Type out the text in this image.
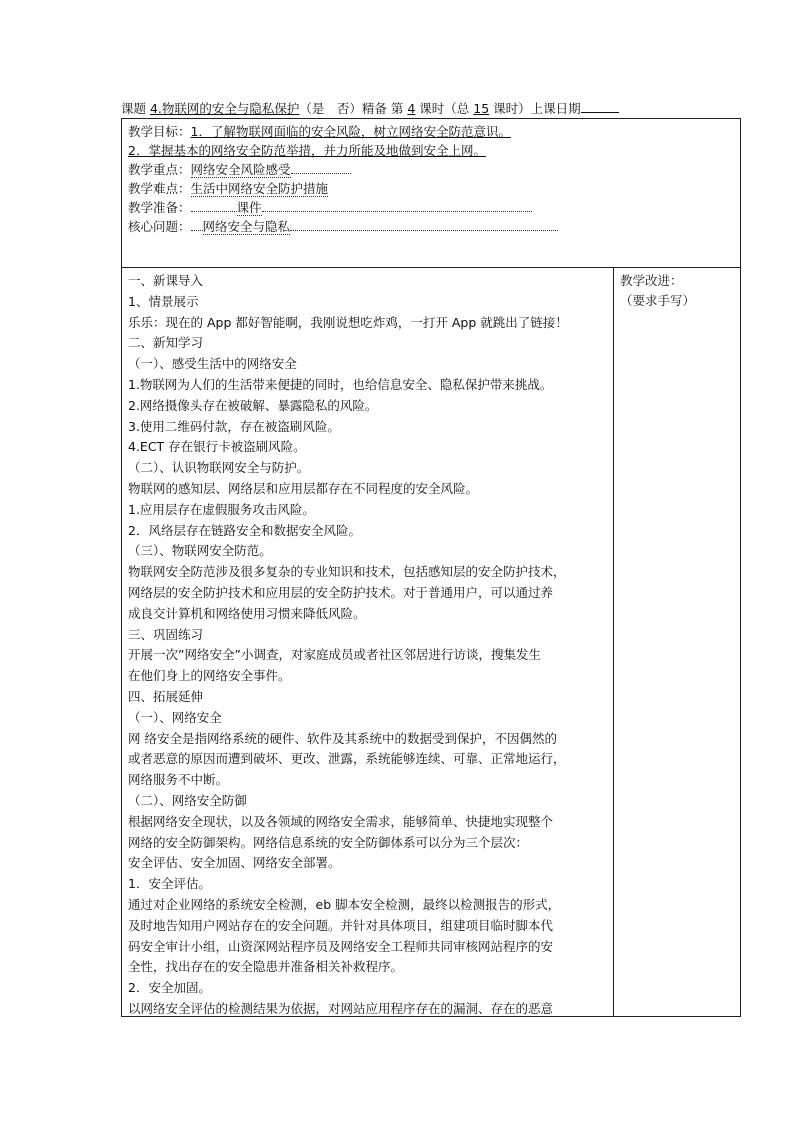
课题 4.物联网的安全与隐私保护（是　否）精备 第 4 课时（总 15 课时）上课日期
教学目标：1．了解物联网面临的安全风险，树立网络安全防范意识。
2．掌握基本的网络安全防范举措，并力所能及地做到安全上网。
教学重点：网络安全风险感受
教学难点：生活中网络安全防护措施
教学准备：	课件
核心问题： 网络安全与隐私

一、新课导入

1、情景展示

乐乐：现在的 App 都好智能啊，我刚说想吃炸鸡，一打开 App 就跳出了链接！

二、新知学习

（一）、感受生活中的网络安全

1.物联网为人们的生活带来便捷的同时，也给信息安全、隐私保护带来挑战。

2.网络摄像头存在被破解、暴露隐私的风险。

3.使用二维码付款，存在被盗刷风险。

4.ECT 存在银行卡被盗刷风险。

（二）、认识物联网安全与防护。

物联网的感知层、网络层和应用层都存在不同程度的安全风险。

1.应用层存在虚假服务攻击风险。

2．风络层存在链路安全和数据安全风险。

（三）、物联网安全防范。

物联网安全防范涉及很多复杂的专业知识和技术，包括感知层的安全防护技术，

网络层的安全防护技术和应用层的安全防护技术。对于普通用户，可以通过养

成良交计算机和网络使用习惯来降低风险。

三、巩固练习

开展一次”网络安全”小调查，对家庭成员或者社区邻居进行访谈，搜集发生

在他们身上的网络安全事件。

四、拓展延伸

（一）、网络安全

网 络安全是指网络系统的硬件、软件及其系统中的数据受到保护，不因偶然的

或者恶意的原因而遭到破坏、更改、泄露，系统能够连续、可靠、正常地运行，

网络服务不中断。

（二）、网络安全防御

根据网络安全现状，以及各领域的网络安全需求，能够简单、快捷地实现整个

网络的安全防御架构。网络信息系统的安全防御体系可以分为三个层次：

安全评估、安全加固、网络安全部署。

1．安全评估。

通过对企业网络的系统安全检测，eb 脚本安全检测，最终以检测报告的形式，

及时地告知用户网站存在的安全问题。并针对具体项目，组建项目临时脚本代

码安全审计小组，山资深网站程序员及网络安全工程师共同审核网站程序的安

全性，找出存在的安全隐患并准备相关补救程序。

2．安全加固。

以网络安全评估的检测结果为依据，对网站应用程序存在的漏洞、存在的恶意

教学改进：

（要求手写）
